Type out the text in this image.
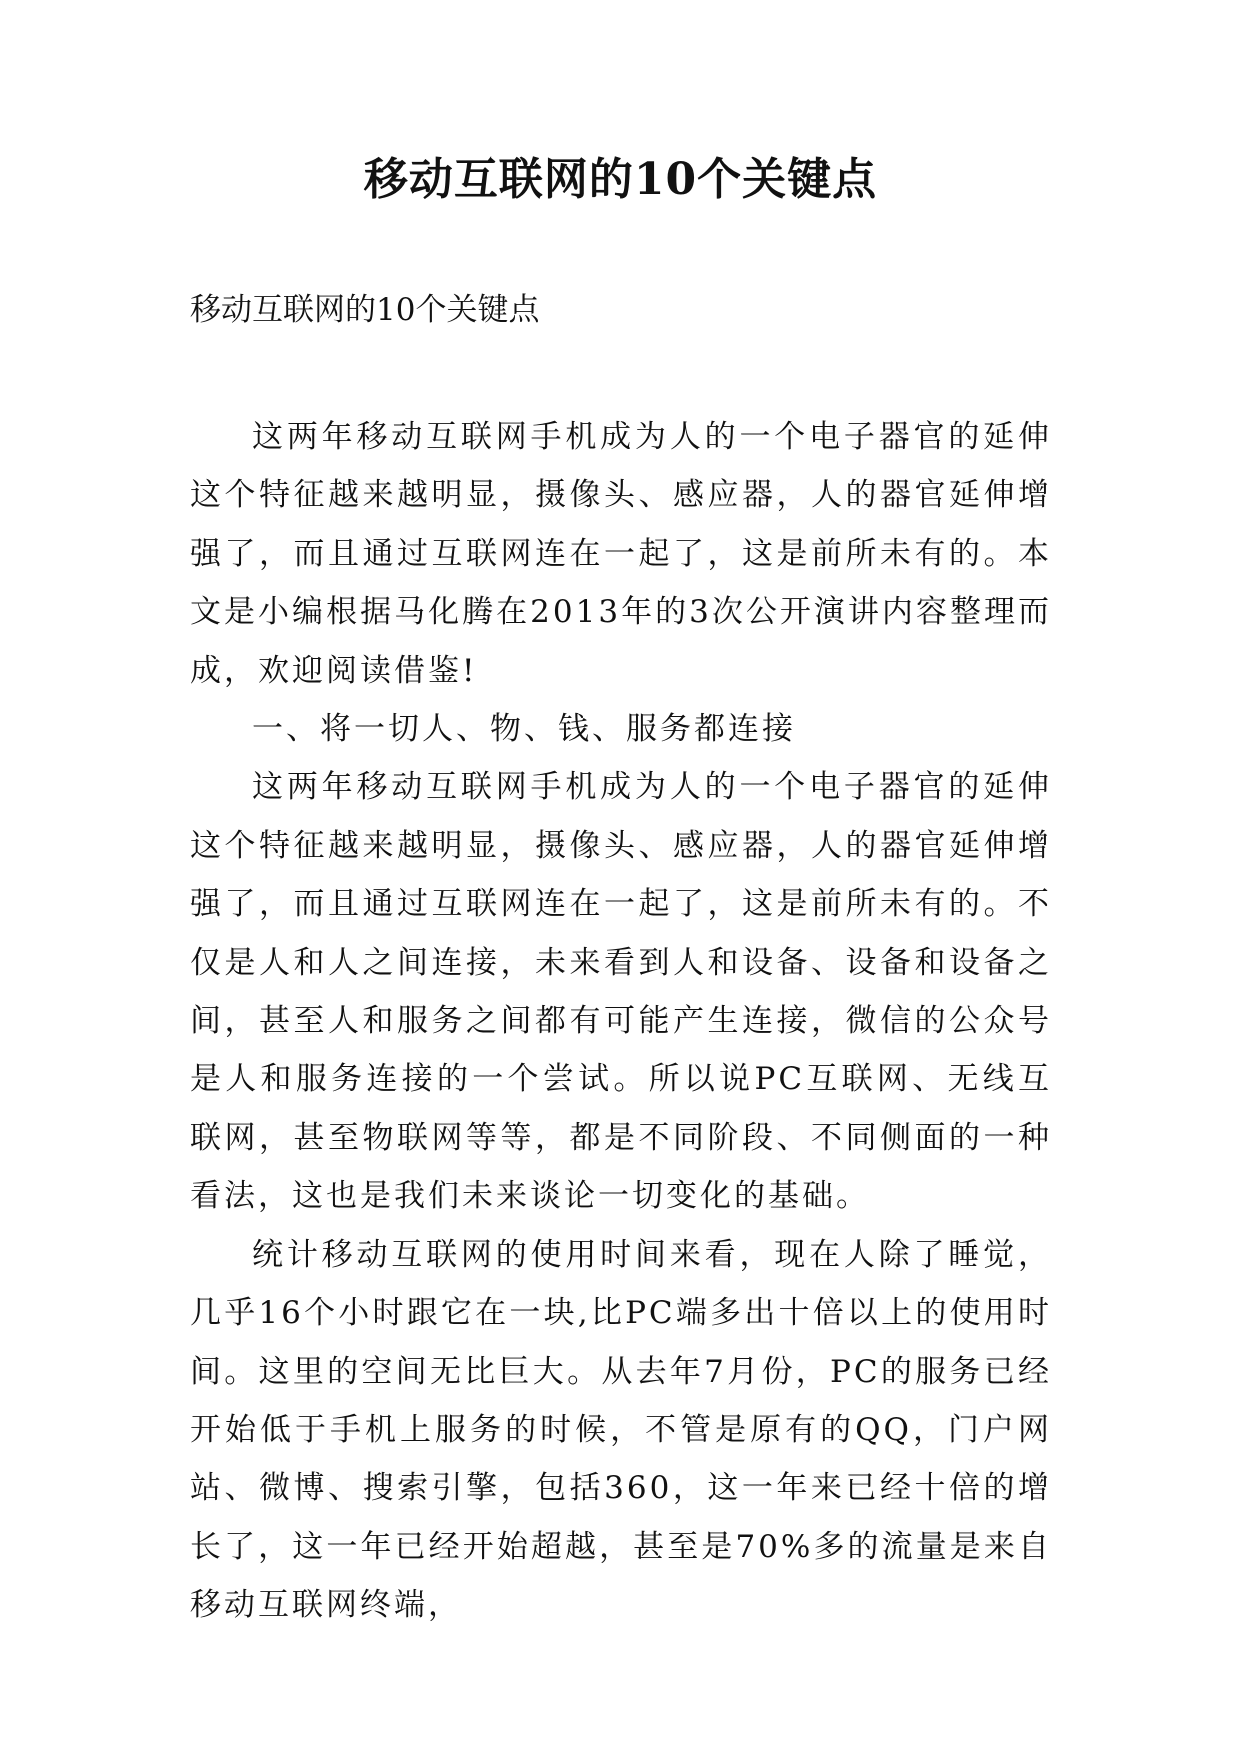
移动互联网的10个关键点
移动互联网的10个关键点

这两年移动互联网手机成为人的一个电子器官的延伸这个特征越来越明显，摄像头、感应器，人的器官延伸增强了，而且通过互联网连在一起了，这是前所未有的。本文是小编根据马化腾在2013年的3次公开演讲内容整理而成，欢迎阅读借鉴!

一、将一切人、物、钱、服务都连接

这两年移动互联网手机成为人的一个电子器官的延伸这个特征越来越明显，摄像头、感应器，人的器官延伸增强了，而且通过互联网连在一起了，这是前所未有的。不仅是人和人之间连接，未来看到人和设备、设备和设备之间，甚至人和服务之间都有可能产生连接，微信的公众号是人和服务连接的一个尝试。所以说PC互联网、无线互联网，甚至物联网等等，都是不同阶段、不同侧面的一种看法，这也是我们未来谈论一切变化的基础。

统计移动互联网的使用时间来看，现在人除了睡觉，几乎16个小时跟它在一块,比PC端多出十倍以上的使用时间。这里的空间无比巨大。从去年7月份，PC的服务已经开始低于手机上服务的时候，不管是原有的QQ，门户网站、微博、搜索引擎，包括360，这一年来已经十倍的增长了，这一年已经开始超越，甚至是70%多的流量是来自移动互联网终端，
